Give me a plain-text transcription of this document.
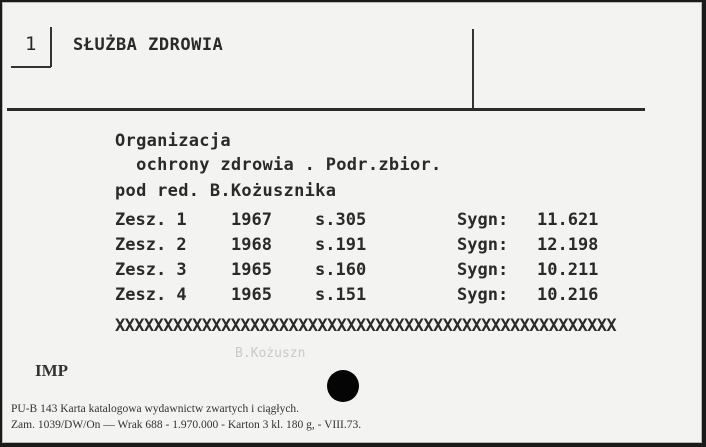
1 SŁUŻBA ZDROWIA
Organizacja
ochrony zdrowia . Podr.zbior.
pod red. B.Kożusznika
Zesz. 1	1967	s.305	Sygn: 11.621
Zesz. 2	1968	s.191	Sygn: 12.198
Zesz. 3	1965	s.160	Sygn: 10.211
Zesz. 4	1965	s.151	Sygn: 10.216
XXXXXXXXXXXXXXXXXXXXXXXXXXXXXXXXXXXXXXXXXXXXXXXXXXXX
B.Kożuszn
IMP
PU-B 143 Karta katalogowa wydawnictw zwartych i ciągłych.
Zam. 1039/DW/On — Wrak 688 - 1.970.000 - Karton 3 kl. 180 g, - VIII.73.
